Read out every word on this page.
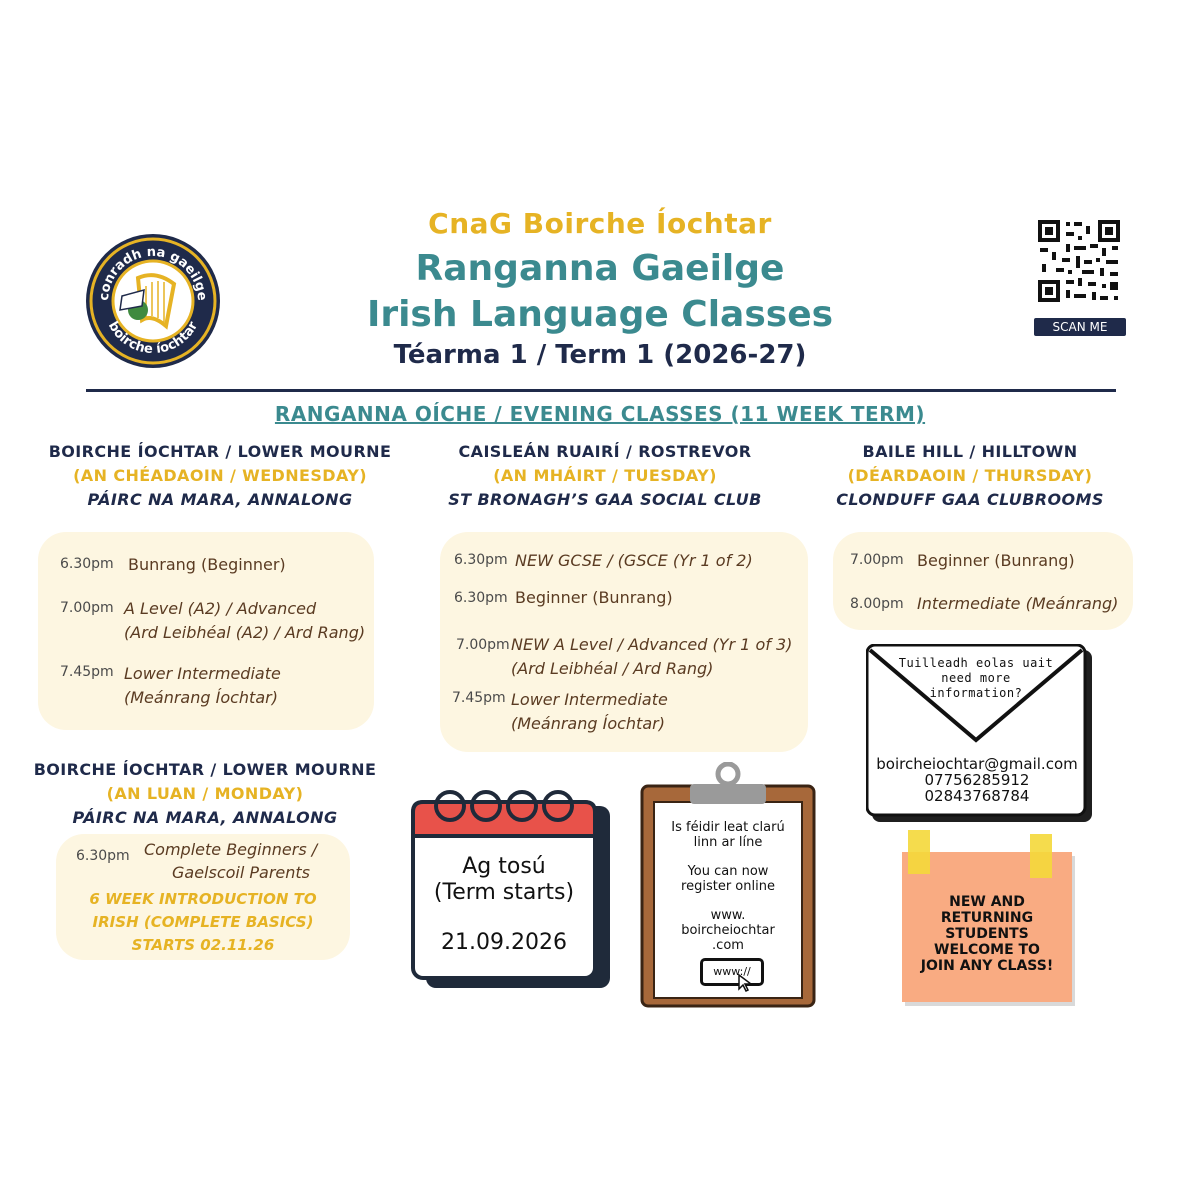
conradh na gaeilge
boirche íochtar
CnaG Boirche Íochtar
Ranganna Gaeilge
Irish Language Classes
Téarma 1 / Term 1 (2026-27)
SCAN ME
RANGANNA OÍCHE / EVENING CLASSES (11 WEEK TERM)
BOIRCHE ÍOCHTAR / LOWER MOURNE
(AN CHÉADAOIN / WEDNESDAY)
PÁIRC NA MARA, ANNALONG
6.30pm Bunrang (Beginner)
7.00pm A Level (A2) / Advanced
(Ard Leibhéal (A2) / Ard Rang)
7.45pm Lower Intermediate
(Meánrang Íochtar)
CAISLEÁN RUAIRÍ / ROSTREVOR
(AN MHÁIRT / TUESDAY)
ST BRONAGH’S GAA SOCIAL CLUB
6.30pm NEW GCSE / (GSCE (Yr 1 of 2)
6.30pm Beginner (Bunrang)
7.00pm NEW A Level / Advanced (Yr 1 of 3)
(Ard Leibhéal / Ard Rang)
7.45pm Lower Intermediate
(Meánrang Íochtar)
BAILE HILL / HILLTOWN
(DÉARDAOIN / THURSDAY)
CLONDUFF GAA CLUBROOMS
7.00pm Beginner (Bunrang)
8.00pm Intermediate (Meánrang)
BOIRCHE ÍOCHTAR / LOWER MOURNE
(AN LUAN / MONDAY)
PÁIRC NA MARA, ANNALONG
6.30pm Complete Beginners /
Gaelscoil Parents
6 WEEK INTRODUCTION TO
IRISH (COMPLETE BASICS)
STARTS 02.11.26
Ag tosú
(Term starts)
21.09.2026
Is féidir leat clarú
linn ar líne
You can now
register online
www.
boircheiochtar
.com
www://
Tuilleadh eolas uait
need more
information?
boircheiochtar@gmail.com
07756285912
02843768784
NEW AND
RETURNING
STUDENTS
WELCOME TO
JOIN ANY CLASS!
